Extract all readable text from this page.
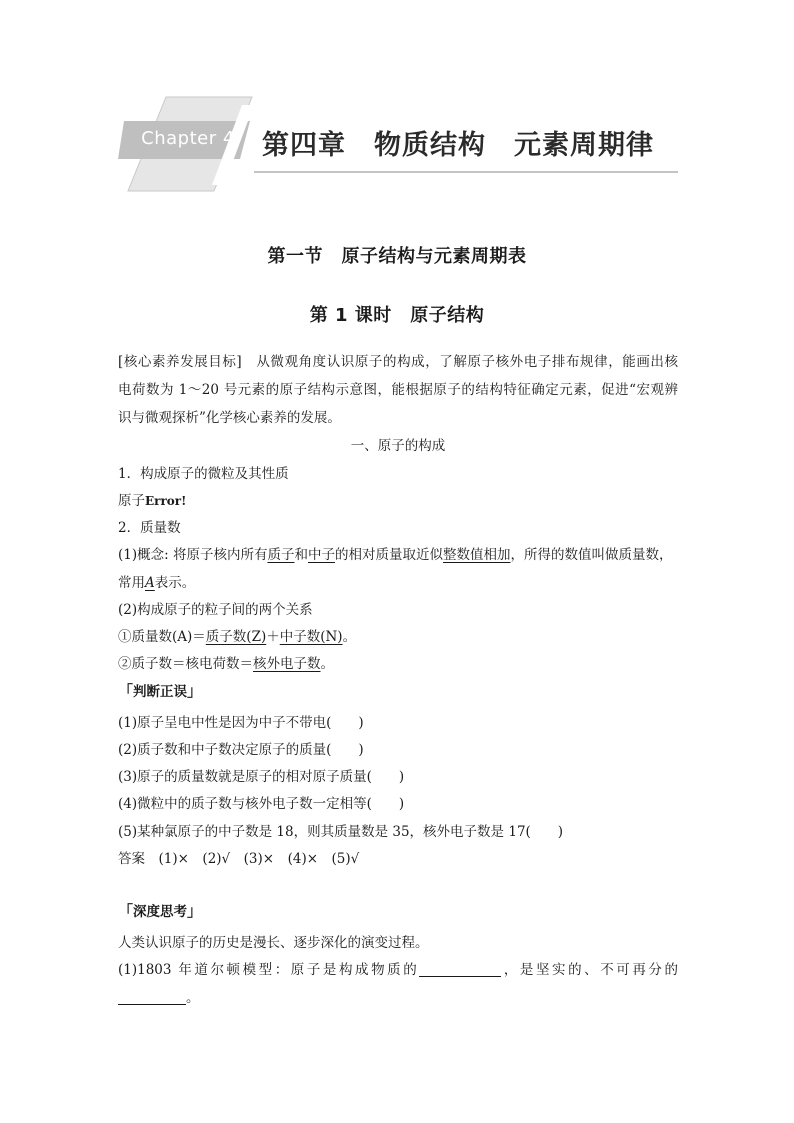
Chapter 4	第四章　物质结构　元素周期律
第一节　原子结构与元素周期表
第 1 课时　原子结构
[核心素养发展目标]　从微观角度认识原子的构成，了解原子核外电子排布规律，能画出核
电荷数为 1～20 号元素的原子结构示意图，能根据原子的结构特征确定元素，促进“宏观辨
识与微观探析”化学核心素养的发展。
一、原子的构成
1．构成原子的微粒及其性质
原子Error!
2．质量数
(1)概念: 将原子核内所有质子和中子的相对质量取近似整数值相加，所得的数值叫做质量数，
常用A表示。
(2)构成原子的粒子间的两个关系
①质量数(A)＝质子数(Z)＋中子数(N)。
②质子数＝核电荷数＝核外电子数。
「判断正误」
(1)原子呈电中性是因为中子不带电(　　)
(2)质子数和中子数决定原子的质量(　　)
(3)原子的质量数就是原子的相对原子质量(　　)
(4)微粒中的质子数与核外电子数一定相等(　　)
(5)某种氯原子的中子数是 18，则其质量数是 35，核外电子数是 17(　　)
答案　(1)×　(2)√　(3)×　(4)×　(5)√
「深度思考」
人类认识原子的历史是漫长、逐步深化的演变过程。
(1)1803 年道尔顿模型：原子是构成物质的	，是坚实的、不可再分的
。
